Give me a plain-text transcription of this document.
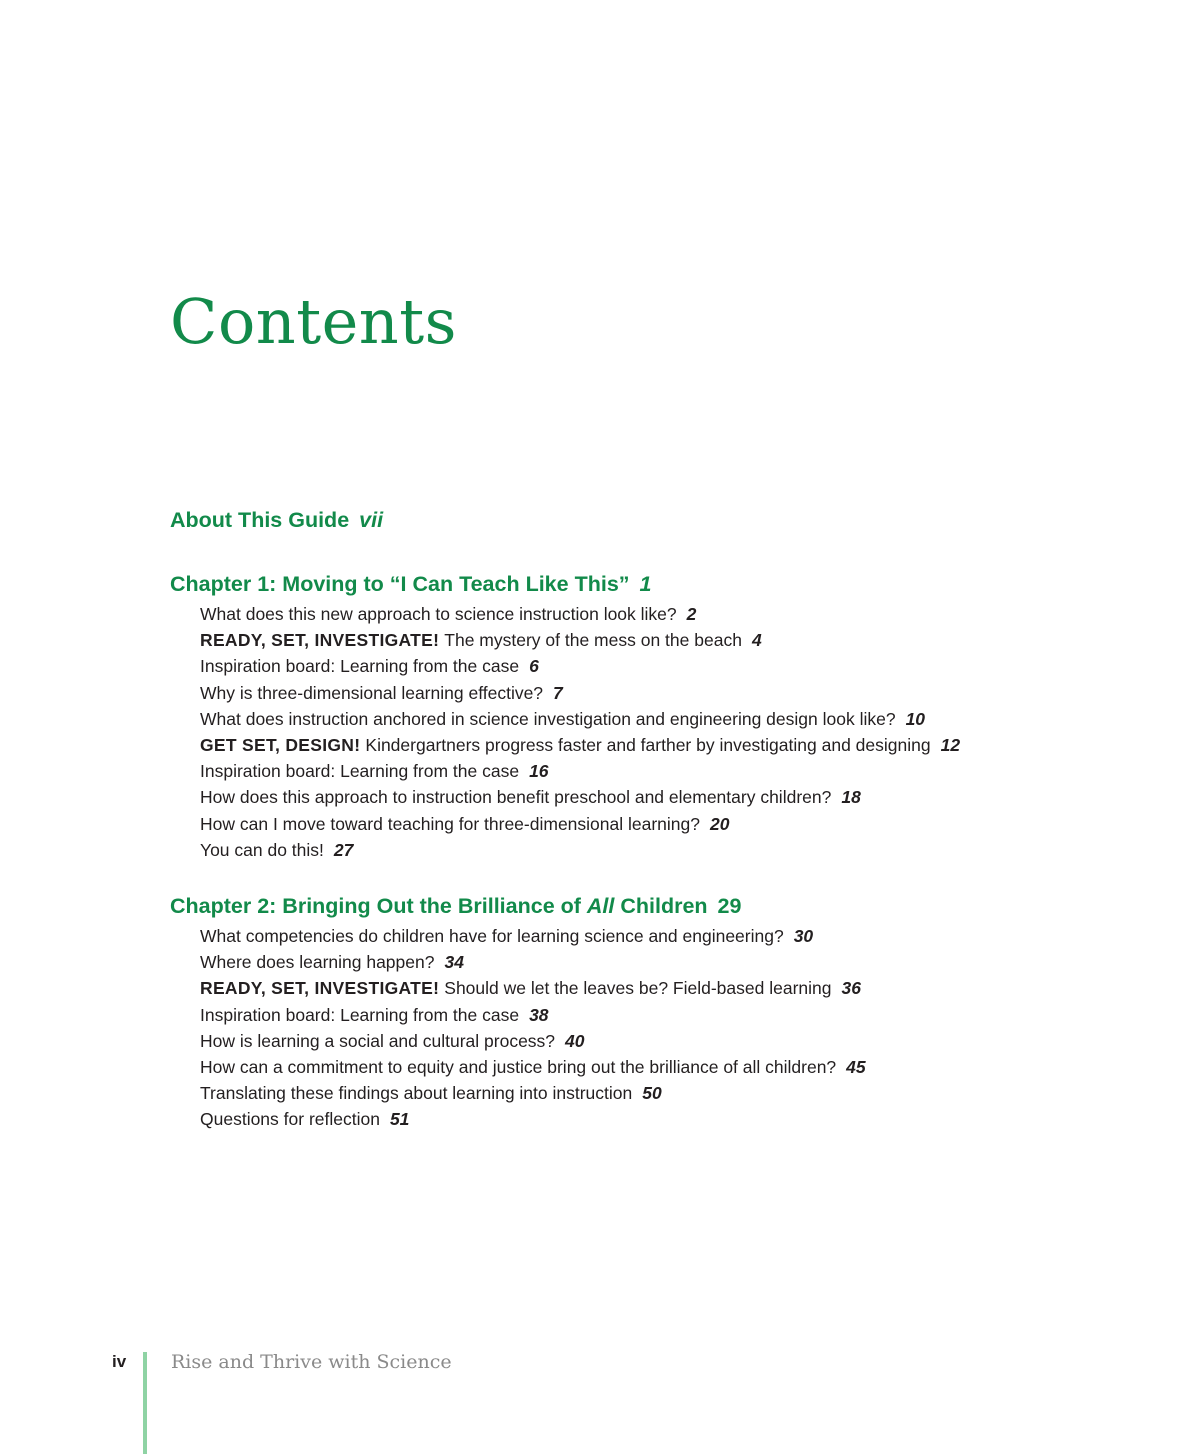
Contents
About This Guide vii
Chapter 1: Moving to “I Can Teach Like This” 1
What does this new approach to science instruction look like? 2
READY, SET, INVESTIGATE! The mystery of the mess on the beach 4
Inspiration board: Learning from the case 6
Why is three-dimensional learning effective? 7
What does instruction anchored in science investigation and engineering design look like? 10
GET SET, DESIGN! Kindergartners progress faster and farther by investigating and designing 12
Inspiration board: Learning from the case 16
How does this approach to instruction benefit preschool and elementary children? 18
How can I move toward teaching for three-dimensional learning? 20
You can do this! 27
Chapter 2: Bringing Out the Brilliance of All Children 29
What competencies do children have for learning science and engineering? 30
Where does learning happen? 34
READY, SET, INVESTIGATE! Should we let the leaves be? Field-based learning 36
Inspiration board: Learning from the case 38
How is learning a social and cultural process? 40
How can a commitment to equity and justice bring out the brilliance of all children? 45
Translating these findings about learning into instruction 50
Questions for reflection 51
iv Rise and Thrive with Science
